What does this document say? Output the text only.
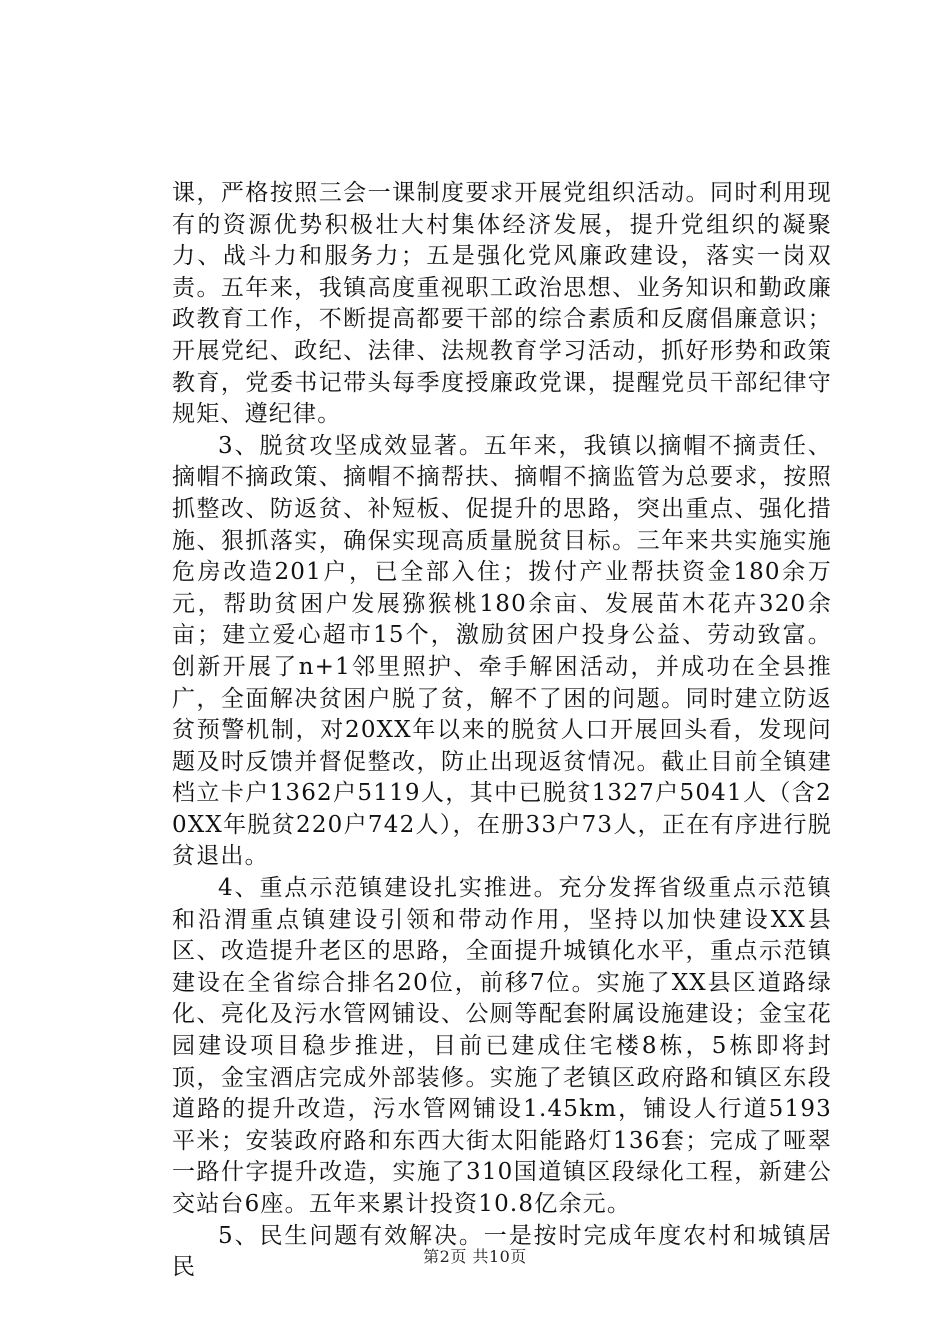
课，严格按照三会一课制度要求开展党组织活动。同时利用现有的资源优势积极壮大村集体经济发展，提升党组织的凝聚力、战斗力和服务力；五是强化党风廉政建设，落实一岗双责。五年来，我镇高度重视职工政治思想、业务知识和勤政廉政教育工作，不断提高都要干部的综合素质和反腐倡廉意识；开展党纪、政纪、法律、法规教育学习活动，抓好形势和政策教育，党委书记带头每季度授廉政党课，提醒党员干部纪律守规矩、遵纪律。

3、脱贫攻坚成效显著。五年来，我镇以摘帽不摘责任、摘帽不摘政策、摘帽不摘帮扶、摘帽不摘监管为总要求，按照抓整改、防返贫、补短板、促提升的思路，突出重点、强化措施、狠抓落实，确保实现高质量脱贫目标。三年来共实施实施危房改造201户，已全部入住；拨付产业帮扶资金180余万元，帮助贫困户发展猕猴桃180余亩、发展苗木花卉320余亩；建立爱心超市15个，激励贫困户投身公益、劳动致富。创新开展了n+1邻里照护、牵手解困活动，并成功在全县推广，全面解决贫困户脱了贫，解不了困的问题。同时建立防返贫预警机制，对20XX年以来的脱贫人口开展回头看，发现问题及时反馈并督促整改，防止出现返贫情况。截止目前全镇建档立卡户1362户5119人，其中已脱贫1327户5041人（含20XX年脱贫220户742人），在册33户73人，正在有序进行脱贫退出。

4、重点示范镇建设扎实推进。充分发挥省级重点示范镇和沿渭重点镇建设引领和带动作用，坚持以加快建设XX县区、改造提升老区的思路，全面提升城镇化水平，重点示范镇建设在全省综合排名20位，前移7位。实施了XX县区道路绿化、亮化及污水管网铺设、公厕等配套附属设施建设；金宝花园建设项目稳步推进，目前已建成住宅楼8栋，5栋即将封顶，金宝酒店完成外部装修。实施了老镇区政府路和镇区东段道路的提升改造，污水管网铺设1.45km，铺设人行道5193平米；安装政府路和东西大街太阳能路灯136套；完成了哑翠一路什字提升改造，实施了310国道镇区段绿化工程，新建公交站台6座。五年来累计投资10.8亿余元。

5、民生问题有效解决。一是按时完成年度农村和城镇居民	第2页 共10页
